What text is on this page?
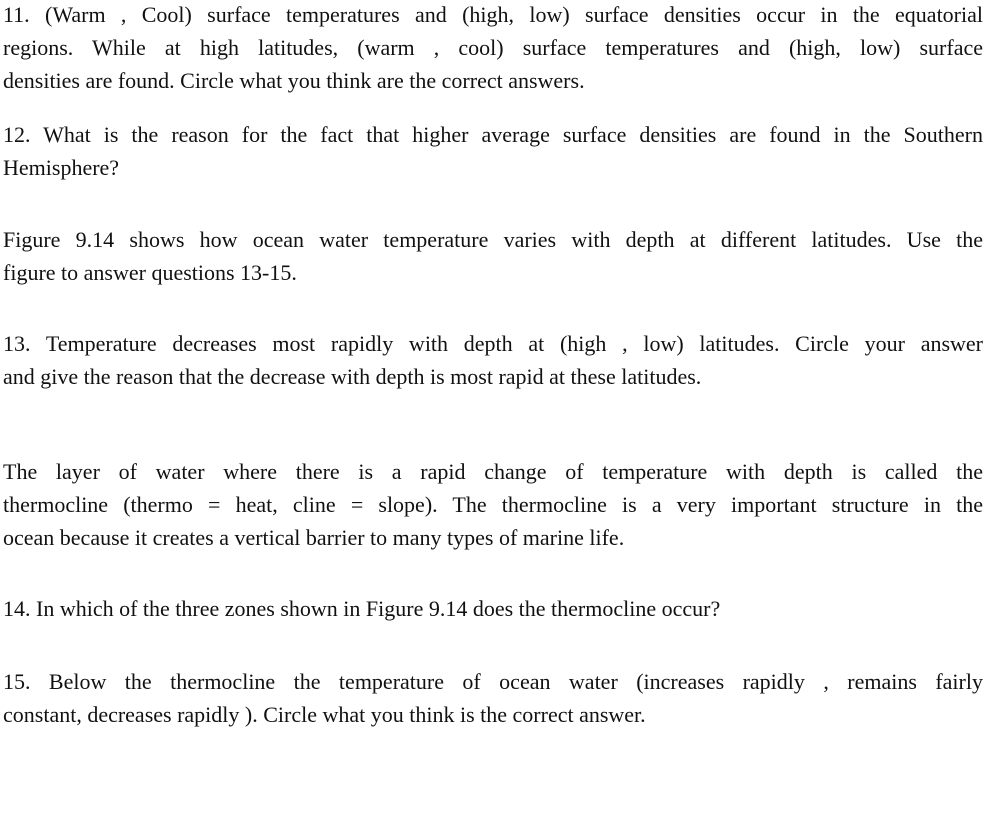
11. (Warm , Cool) surface temperatures and (high, low) surface densities occur in the equatorial
regions. While at high latitudes, (warm , cool) surface temperatures and (high, low) surface
densities are found. Circle what you think are the correct answers.
12. What is the reason for the fact that higher average surface densities are found in the Southern
Hemisphere?
Figure 9.14 shows how ocean water temperature varies with depth at different latitudes. Use the
figure to answer questions 13-15.
13. Temperature decreases most rapidly with depth at (high , low) latitudes. Circle your answer
and give the reason that the decrease with depth is most rapid at these latitudes.
The layer of water where there is a rapid change of temperature with depth is called the
thermocline (thermo = heat, cline = slope). The thermocline is a very important structure in the
ocean because it creates a vertical barrier to many types of marine life.
14. In which of the three zones shown in Figure 9.14 does the thermocline occur?
15. Below the thermocline the temperature of ocean water (increases rapidly , remains fairly
constant, decreases rapidly ). Circle what you think is the correct answer.
